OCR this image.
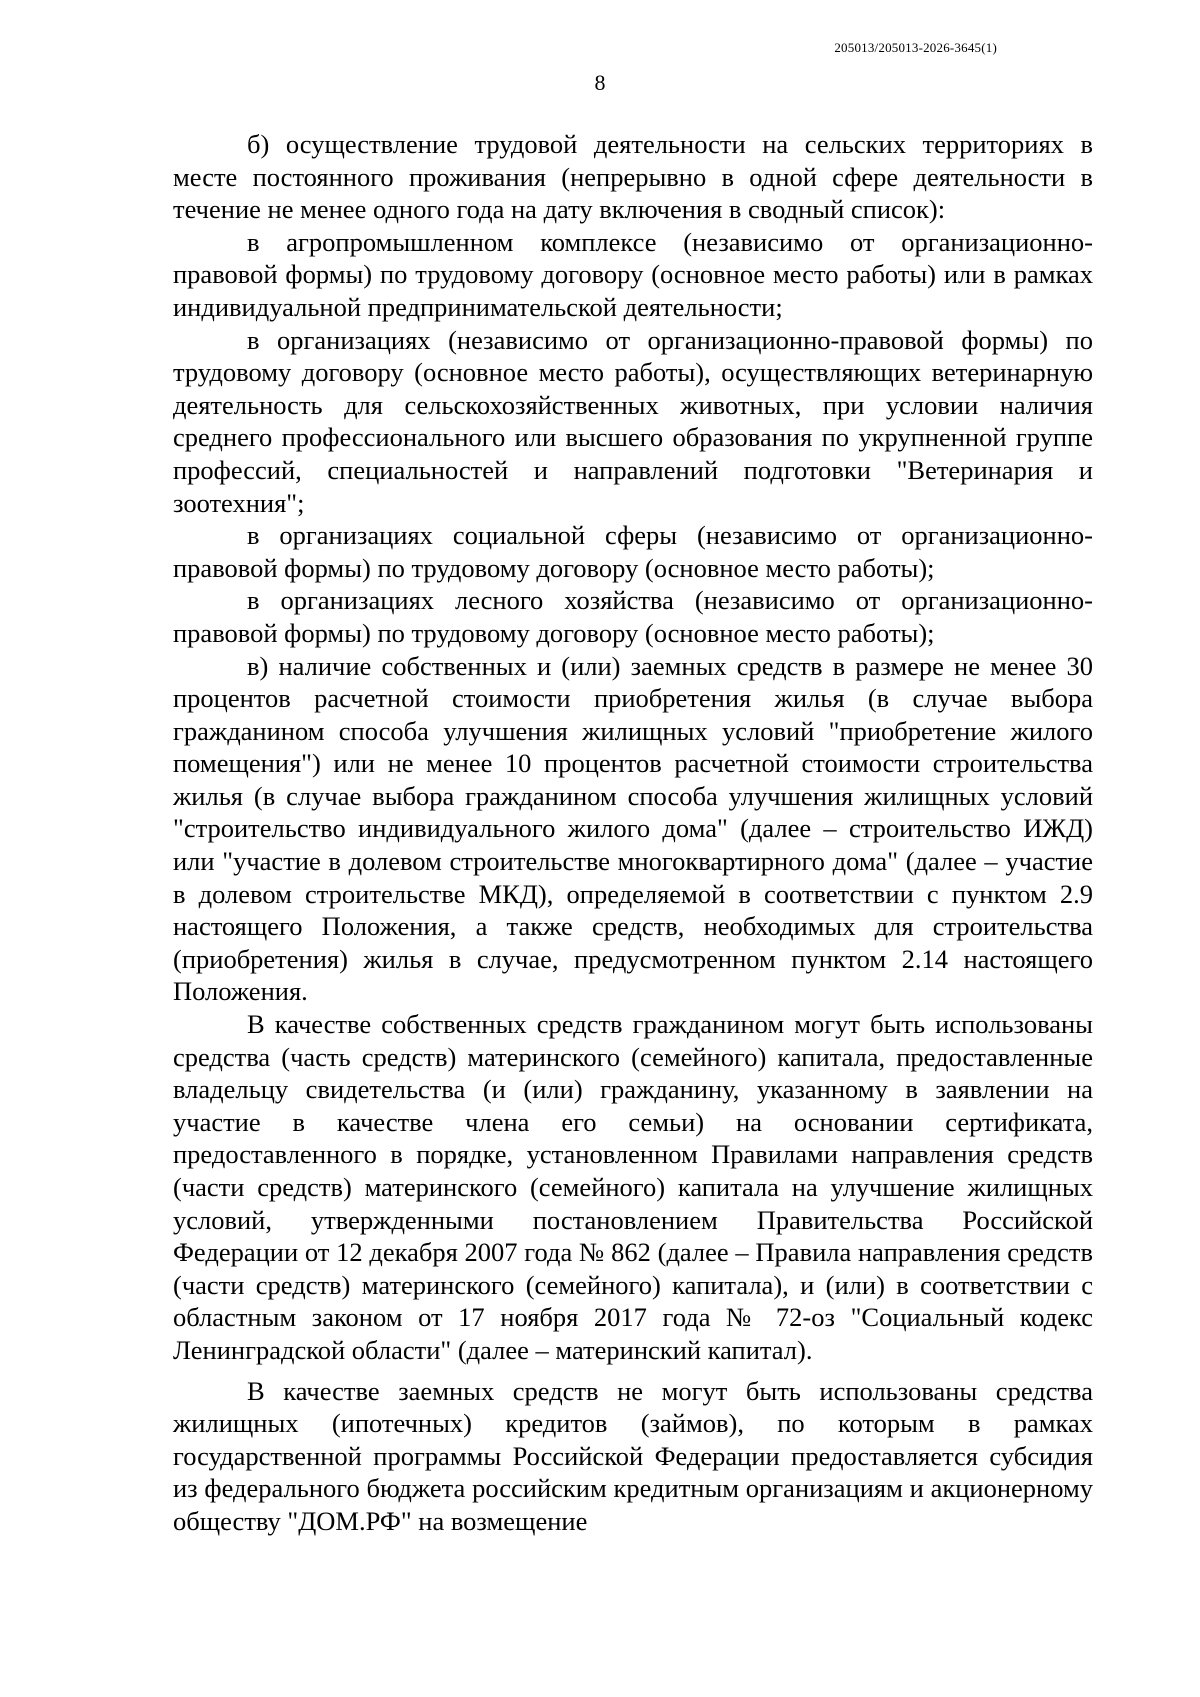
205013/205013-2026-3645(1)
8

б) осуществление трудовой деятельности на сельских территориях в месте постоянного проживания (непрерывно в одной сфере деятельности в течение не менее одного года на дату включения в сводный список):

в агропромышленном комплексе (независимо от организационно-правовой формы) по трудовому договору (основное место работы) или в рамках индивидуальной предпринимательской деятельности;

в организациях (независимо от организационно-правовой формы) по трудовому договору (основное место работы), осуществляющих ветеринарную деятельность для сельскохозяйственных животных, при условии наличия среднего профессионального или высшего образования по укрупненной группе профессий, специальностей и направлений подготовки "Ветеринария и зоотехния";

в организациях социальной сферы (независимо от организационно-правовой формы) по трудовому договору (основное место работы);

в организациях лесного хозяйства (независимо от организационно-правовой формы) по трудовому договору (основное место работы);

в) наличие собственных и (или) заемных средств в размере не менее 30 процентов расчетной стоимости приобретения жилья (в случае выбора гражданином способа улучшения жилищных условий "приобретение жилого помещения") или не менее 10 процентов расчетной стоимости строительства жилья (в случае выбора гражданином способа улучшения жилищных условий "строительство индивидуального жилого дома" (далее – строительство ИЖД) или "участие в долевом строительстве многоквартирного дома" (далее – участие в долевом строительстве МКД), определяемой в соответствии с пунктом 2.9 настоящего Положения, а также средств, необходимых для строительства (приобретения) жилья в случае, предусмотренном пунктом 2.14 настоящего Положения.

В качестве собственных средств гражданином могут быть использованы средства (часть средств) материнского (семейного) капитала, предоставленные владельцу свидетельства (и (или) гражданину, указанному в заявлении на участие в качестве члена его семьи) на основании сертификата, предоставленного в порядке, установленном Правилами направления средств (части средств) материнского (семейного) капитала на улучшение жилищных условий, утвержденными постановлением Правительства Российской Федерации от 12 декабря 2007 года № 862 (далее – Правила направления средств (части средств) материнского (семейного) капитала), и (или) в соответствии с областным законом от 17 ноября 2017 года № 72-оз "Социальный кодекс Ленинградской области" (далее – материнский капитал).

В качестве заемных средств не могут быть использованы средства жилищных (ипотечных) кредитов (займов), по которым в рамках государственной программы Российской Федерации предоставляется субсидия из федерального бюджета российским кредитным организациям и акционерному обществу "ДОМ.РФ" на возмещение
